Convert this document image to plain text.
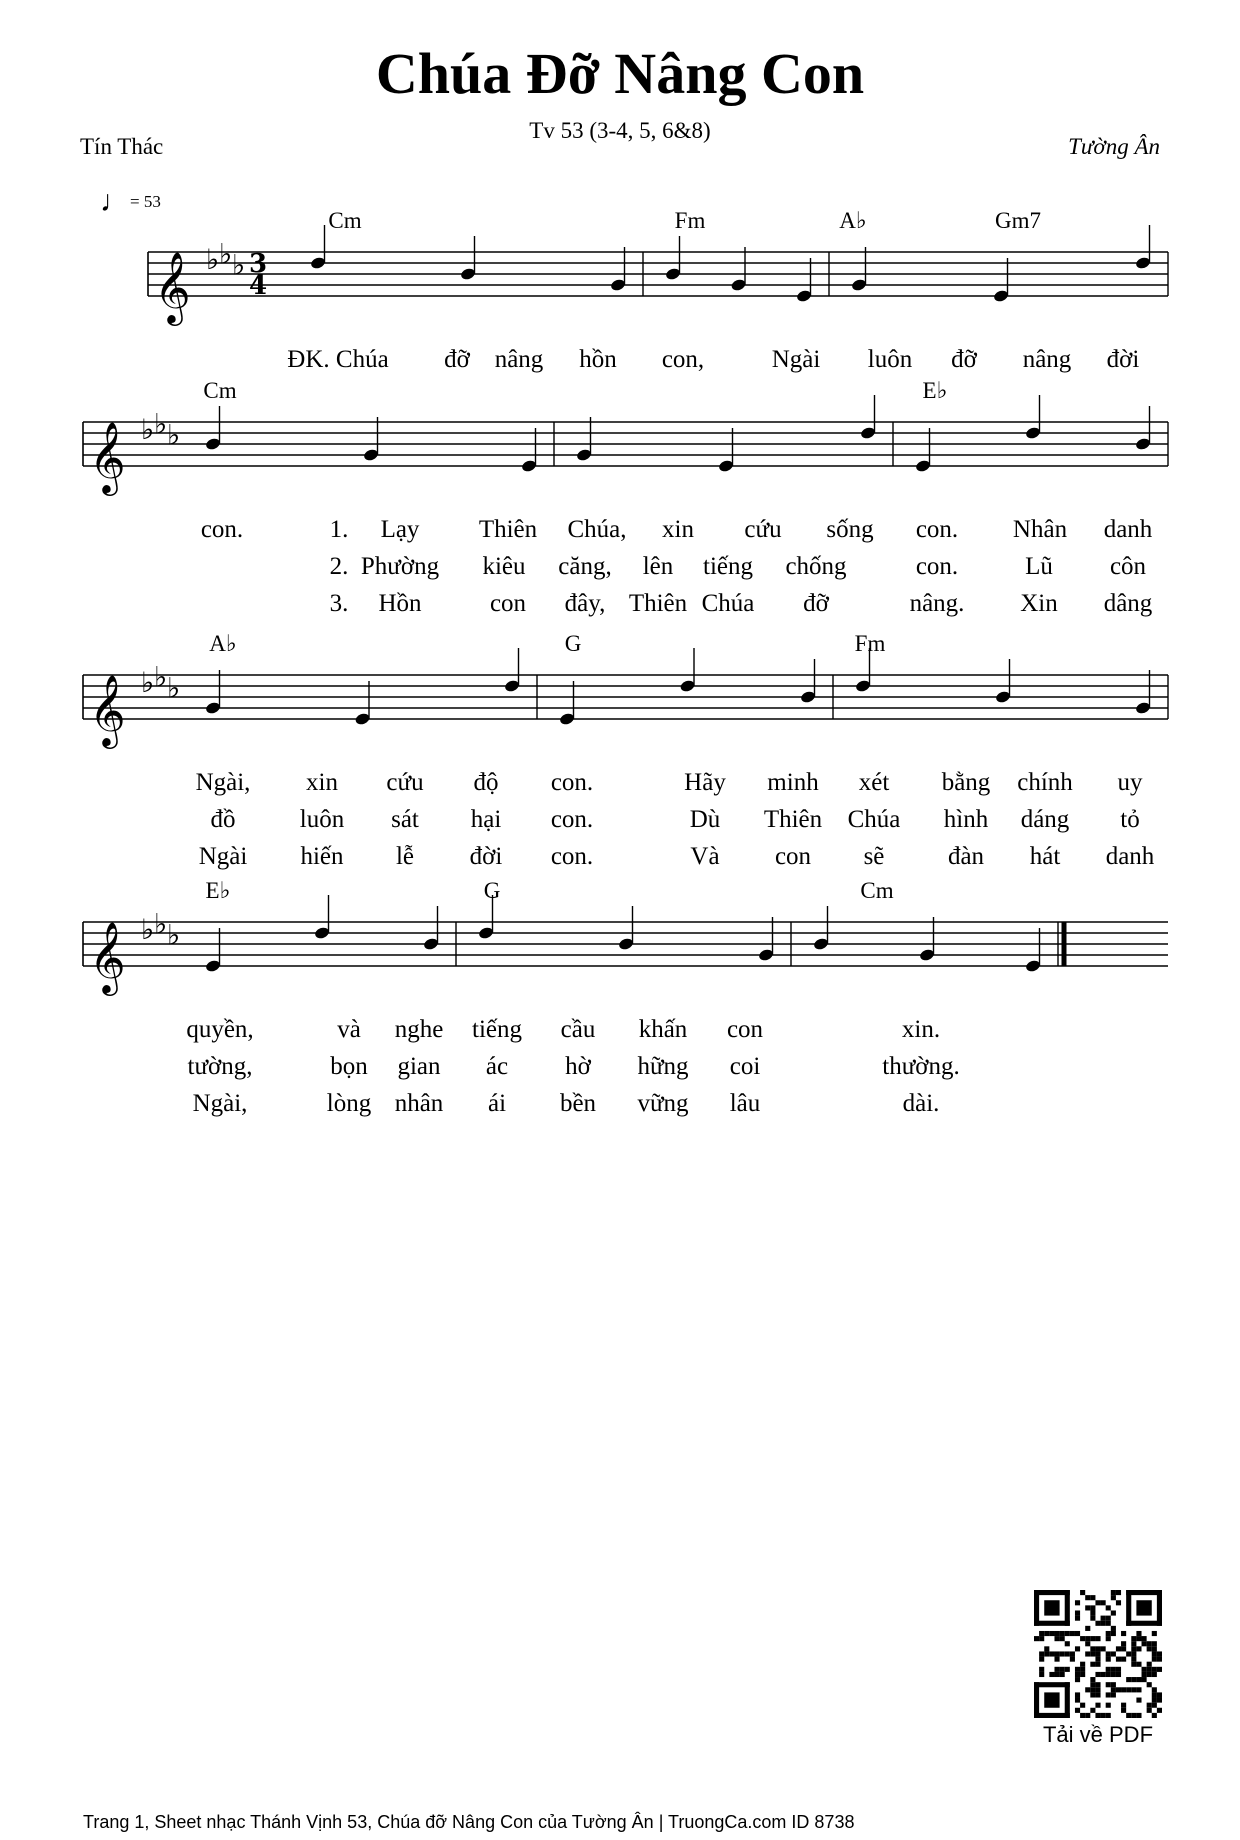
Chúa Đỡ Nâng Con
Tv 53 (3-4, 5, 6&8)
Tín Thác	Tường Ân
♩= 53
𝄞 ♭ ♭ ♭ 3
4
Cm	Fm	A♭	Gm7
ĐK. Chúa đỡ nâng hồn con,	Ngài luôn đỡ nâng đời
𝄞 ♭ ♭ ♭
Cm	E♭
con.	1. Lạy Thiên Chúa, xin cứu sống con. Nhân danh
2. Phường kiêu căng, lên tiếng chống	con.	Lũ côn
3. Hồn	con đây, Thiên Chúa đỡ	nâng. Xin dâng
𝄞 ♭ ♭ ♭
A♭	G	Fm
Ngài, xin cứu độ con.	Hãy minh xét bằng chính uy
đồ	luôn sát hại con.	Dù Thiên Chúa hình dáng tỏ
Ngài hiến lễ đời con.	Và con sẽ	đàn hát danh
𝄞 ♭ ♭ ♭
E♭	G	Cm
quyền,	và nghe tiếng cầu khấn con	xin.
tường,	bọn gian ác hờ hững coi	thường.
Ngài,	lòng nhân ái bền vững lâu	dài.
Tải về PDF
Trang 1, Sheet nhạc Thánh Vịnh 53, Chúa đỡ Nâng Con của Tường Ân | TruongCa.com ID 8738
